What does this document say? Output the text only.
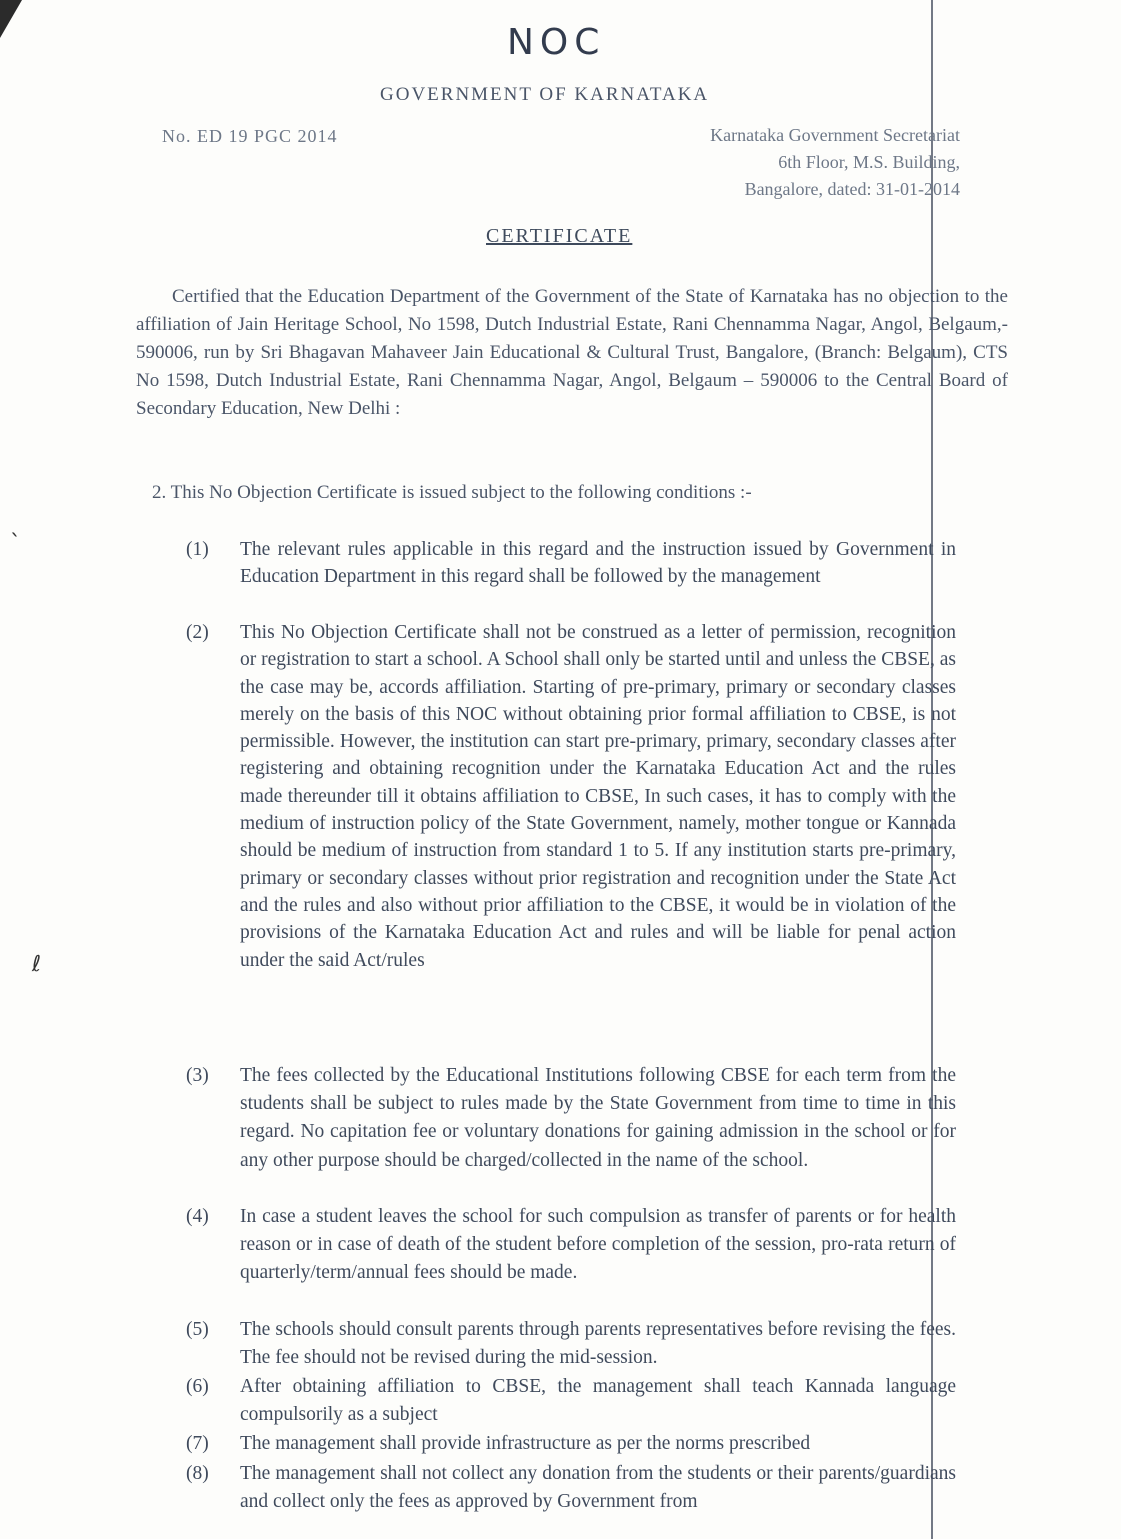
ˎ
ℓ
NOC
GOVERNMENT OF KARNATAKA
No. ED 19 PGC 2014	Karnataka Government Secretariat
6th Floor, M.S. Building,
Bangalore, dated: 31-01-2014
CERTIFICATE
Certified that the Education Department of the Government of the State of Karnataka has no objection to the affiliation of Jain Heritage School, No 1598, Dutch Industrial Estate, Rani Chennamma Nagar, Angol, Belgaum,- 590006, run by Sri Bhagavan Mahaveer Jain Educational & Cultural Trust, Bangalore, (Branch: Belgaum), CTS No 1598, Dutch Industrial Estate, Rani Chennamma Nagar, Angol, Belgaum – 590006 to the Central Board of Secondary Education, New Delhi :
2. This No Objection Certificate is issued subject to the following conditions :-
(1)	The relevant rules applicable in this regard and the instruction issued by Government in Education Department in this regard shall be followed by the management
(2)	This No Objection Certificate shall not be construed as a letter of permission, recognition or registration to start a school. A School shall only be started until and unless the CBSE, as the case may be, accords affiliation. Starting of pre-primary, primary or secondary classes merely on the basis of this NOC without obtaining prior formal affiliation to CBSE, is not permissible. However, the institution can start pre-primary, primary, secondary classes after registering and obtaining recognition under the Karnataka Education Act and the rules made thereunder till it obtains affiliation to CBSE, In such cases, it has to comply with the medium of instruction policy of the State Government, namely, mother tongue or Kannada should be medium of instruction from standard 1 to 5. If any institution starts pre-primary, primary or secondary classes without prior registration and recognition under the State Act and the rules and also without prior affiliation to the CBSE, it would be in violation of the provisions of the Karnataka Education Act and rules and will be liable for penal action under the said Act/rules
(3)	The fees collected by the Educational Institutions following CBSE for each term from the students shall be subject to rules made by the State Government from time to time in this regard. No capitation fee or voluntary donations for gaining admission in the school or for any other purpose should be charged/collected in the name of the school.
(4)	In case a student leaves the school for such compulsion as transfer of parents or for health reason or in case of death of the student before completion of the session, pro-rata return of quarterly/term/annual fees should be made.
(5)	The schools should consult parents through parents representatives before revising the fees. The fee should not be revised during the mid-session.
(6)	After obtaining affiliation to CBSE, the management shall teach Kannada language compulsorily as a subject
(7)	The management shall provide infrastructure as per the norms prescribed
(8)	The management shall not collect any donation from the students or their parents/guardians and collect only the fees as approved by Government from
